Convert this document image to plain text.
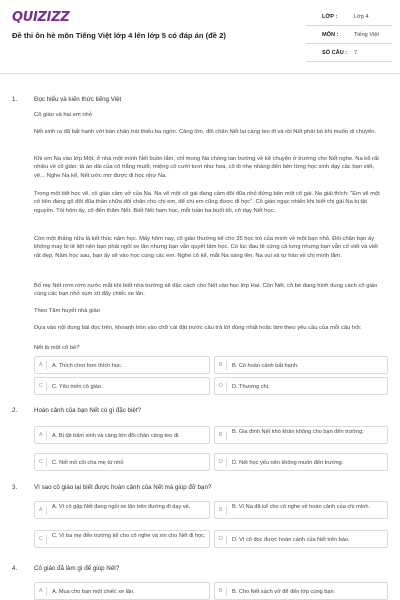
QUIZIZZ
Đề thi ôn hè môn Tiếng Việt lớp 4 lên lớp 5 có đáp án (đề 2)
LỚP :	Lớp 4
MÔN :	Tiếng Việt
SỐ CÂU : 7
1.	Đọc hiểu và kiến thức tiếng Việt
Cô giáo và hai em nhỏ
Nết sinh ra đã bất hạnh với bàn chân trái thiếu ba ngón. Càng lớn, đôi chân Nết lại càng teo đi và rồi Nết phải bò khi muốn di chuyển.
Khi em Na vào lớp Một, ở nhà một mình Nết buồn lắm, chỉ mong Na chóng tan trường về kể chuyện ở trường cho Nết nghe. Na kể rất nhiều về cô giáo: tà áo dài của cô trắng muốt, miệng cô cười tươi như hoa, cô đi nhẹ nhàng đến bên từng học sinh dạy các bạn viết, vẽ... Nghe Na kể, Nết ước mơ được đi học như Na.
Trong một tiết học vẽ, cô giáo cầm vở của Na. Na vẽ một cô gái đang cầm đôi đũa nhỏ đứng bên một cô gái. Na giải thích: "Em vẽ một cô tiên đang gõ đôi đũa thần chữa đôi chân cho chị em, để chị em cũng được đi học". Cô giáo ngạc nhiên khi biết chị gái Na bị tật nguyền. Tối hôm ấy, cô đến thăm Nết. Biết Nết ham học, mỗi tuần ba buổi tối, cô dạy Nết học.
Còn một tháng nữa là kết thúc năm học. Mấy hôm nay, cô giáo thường kể cho 35 học trò của mình về một bạn nhỏ. Đôi chân bạn ấy không may bị tê liệt nên bạn phải ngồi xe lăn nhưng bạn vẫn quyết tâm học. Có lúc đau tê cứng cả lưng nhưng bạn vẫn cố viết và viết rất đẹp. Năm học sau, bạn ấy sẽ vào học cùng các em. Nghe cô kể, mắt Na sáng lên, Na vui và tự hào về chị mình lắm.
Bố mẹ Nết rơm rớm nước mắt khi biết nhà trường sẽ đặc cách cho Nết vào học lớp Hai. Còn Nết, cô bé đang hình dung cách cô giáo cùng các bạn nhỏ xúm xít đẩy chiếc xe lăn.
Theo Tâm huyết nhà giáo
Dựa vào nội dung bài đọc trên, khoanh tròn vào chữ cái đặt trước câu trả lời đúng nhất hoặc làm theo yêu cầu của mỗi câu hỏi:
Nết là một cô bé?
A	A. Thích chơi hơn thích học.	B	B. Có hoàn cảnh bất hạnh.
C	C. Yêu mến cô giáo.	D	D. Thương chị.
2.	Hoàn cảnh của bạn Nết có gì đặc biệt?
A	A. Bị tật bẩm sinh và càng lớn đôi chân càng teo đi.	B	B. Gia đình Nết khó khăn không cho bạn đến trường.
C	C. Nết mồ côi cha mẹ từ nhỏ	D	D. Nết học yếu nên không muốn đến trường.
3.	Vì sao cô giáo lại biết được hoàn cảnh của Nết mà giúp đỡ bạn?
A	A. Vì cô gặp Nết đang ngồi xe lăn trên đường đi dạy về.	B	B. Vì Na đã kể cho cô nghe về hoàn cảnh của chị mình.
C	C. Vì ba mẹ đến trường kể cho cô nghe và xin cho Nết đi học. D	D. Vì cô đọc được hoàn cảnh của Nết trên báo.
4.	Cô giáo đã làm gì để giúp Nết?
A	A. Mua cho bạn một chiếc xe lăn.	B	B. Cho Nết sách vở để đến lớp cùng bạn.
